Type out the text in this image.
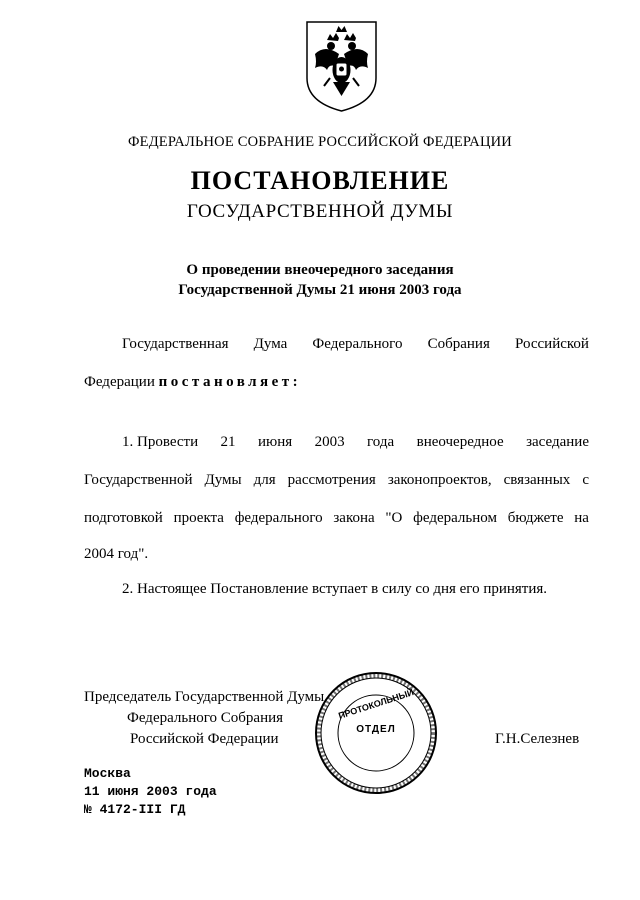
ФЕДЕРАЛЬНОЕ СОБРАНИЕ РОССИЙСКОЙ ФЕДЕРАЦИИ
ПОСТАНОВЛЕНИЕ
ГОСУДАРСТВЕННОЙ ДУМЫ
О проведении внеочередного заседания
Государственной Думы 21 июня 2003 года
Государственная Дума Федерального Собрания Российской
Федерации постановляет:
1. Провести 21 июня 2003 года внеочередное заседание
Государственной Думы для рассмотрения законопроектов, связанных с
подготовкой проекта федерального закона "О федеральном бюджете на
2004 год".
2. Настоящее Постановление вступает в силу со дня его принятия.
Председатель Государственной Думы
Федерального Собрания
Российской Федерации	Г.Н.Селезнев
ПРОТОКОЛЬНЫЙ
ОТДЕЛ
Москва
11 июня 2003 года
№ 4172-III ГД
